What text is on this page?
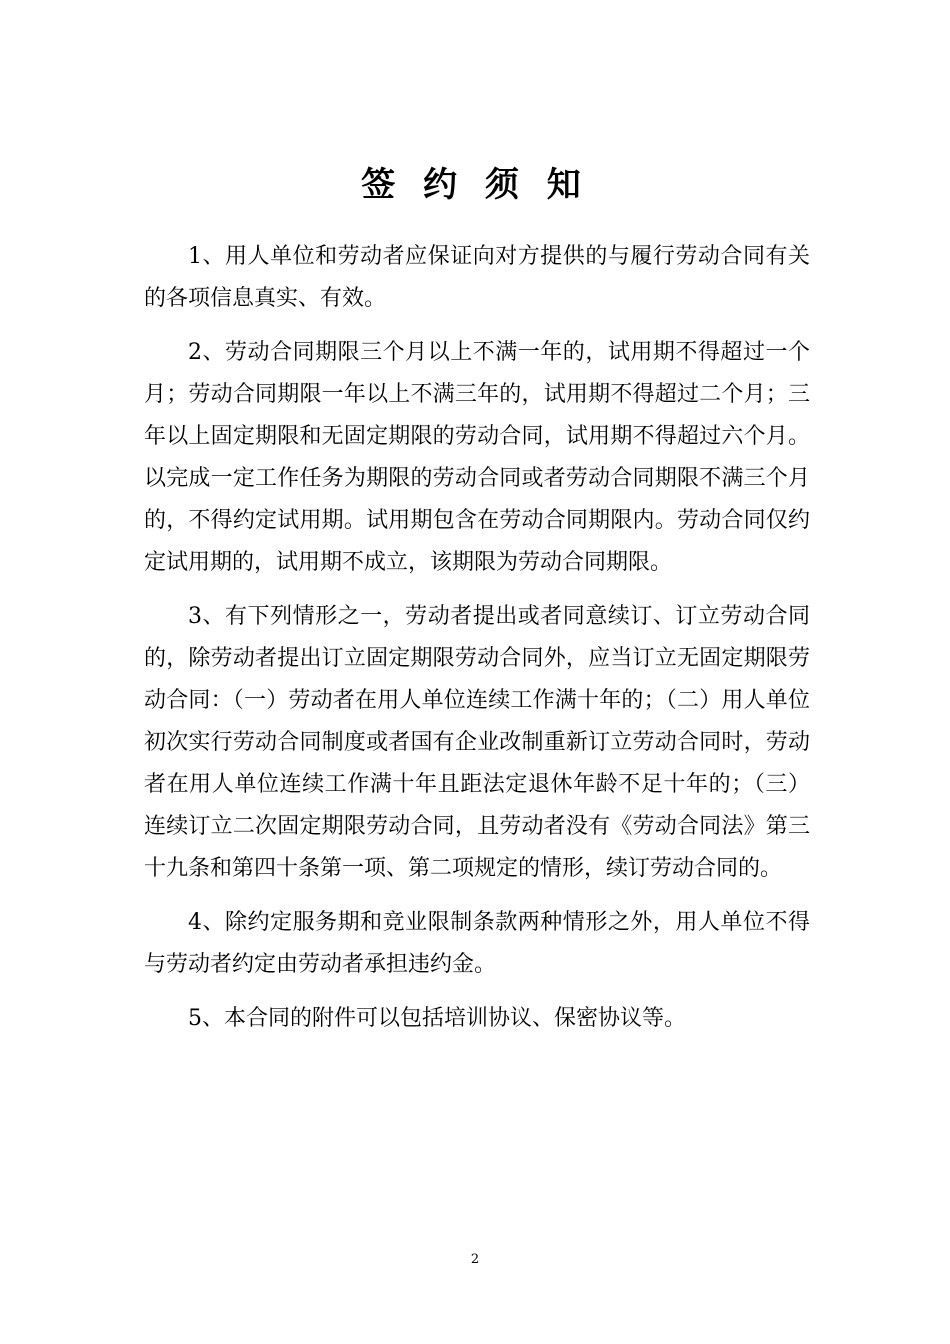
签 约 须 知

1、用人单位和劳动者应保证向对方提供的与履行劳动合同有关的各项信息真实、有效。

2、劳动合同期限三个月以上不满一年的，试用期不得超过一个月；劳动合同期限一年以上不满三年的，试用期不得超过二个月；三年以上固定期限和无固定期限的劳动合同，试用期不得超过六个月。以完成一定工作任务为期限的劳动合同或者劳动合同期限不满三个月的，不得约定试用期。试用期包含在劳动合同期限内。劳动合同仅约定试用期的，试用期不成立，该期限为劳动合同期限。

3、有下列情形之一，劳动者提出或者同意续订、订立劳动合同的，除劳动者提出订立固定期限劳动合同外，应当订立无固定期限劳动合同：（一）劳动者在用人单位连续工作满十年的；（二）用人单位初次实行劳动合同制度或者国有企业改制重新订立劳动合同时，劳动者在用人单位连续工作满十年且距法定退休年龄不足十年的；（三）连续订立二次固定期限劳动合同，且劳动者没有《劳动合同法》第三十九条和第四十条第一项、第二项规定的情形，续订劳动合同的。

4、除约定服务期和竞业限制条款两种情形之外，用人单位不得与劳动者约定由劳动者承担违约金。

5、本合同的附件可以包括培训协议、保密协议等。

2
